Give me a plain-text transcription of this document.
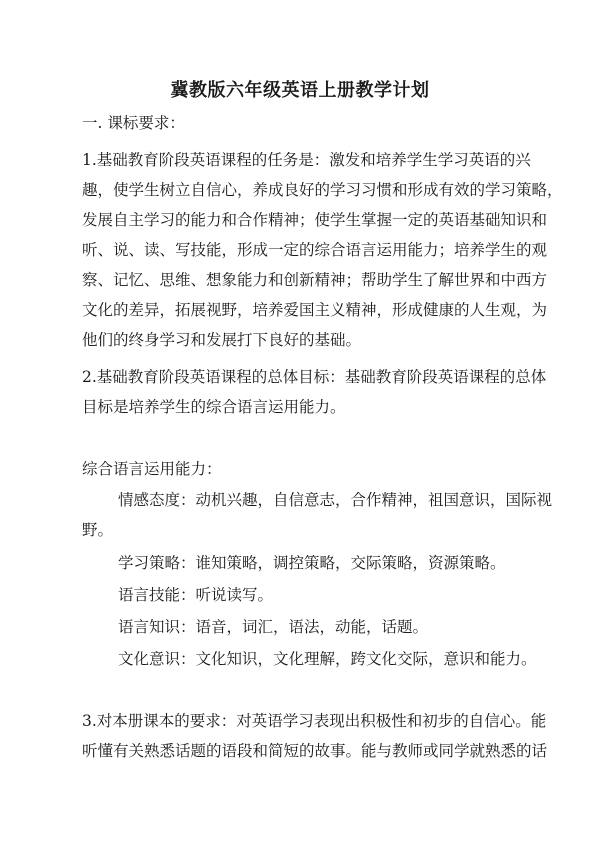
冀教版六年级英语上册教学计划
一. 课标要求：
1.基础教育阶段英语课程的任务是：激发和培养学生学习英语的兴
趣，使学生树立自信心，养成良好的学习习惯和形成有效的学习策略，
发展自主学习的能力和合作精神；使学生掌握一定的英语基础知识和
听、说、读、写技能，形成一定的综合语言运用能力；培养学生的观
察、记忆、思维、想象能力和创新精神；帮助学生了解世界和中西方
文化的差异，拓展视野，培养爱国主义精神，形成健康的人生观，为
他们的终身学习和发展打下良好的基础。
2.基础教育阶段英语课程的总体目标：基础教育阶段英语课程的总体
目标是培养学生的综合语言运用能力。
综合语言运用能力：
情感态度：动机兴趣，自信意志，合作精神，祖国意识，国际视
野。
学习策略：谁知策略，调控策略，交际策略，资源策略。
语言技能：听说读写。
语言知识：语音，词汇，语法，动能，话题。
文化意识：文化知识，文化理解，跨文化交际，意识和能力。
3.对本册课本的要求：对英语学习表现出积极性和初步的自信心。能
听懂有关熟悉话题的语段和简短的故事。能与教师或同学就熟悉的话
